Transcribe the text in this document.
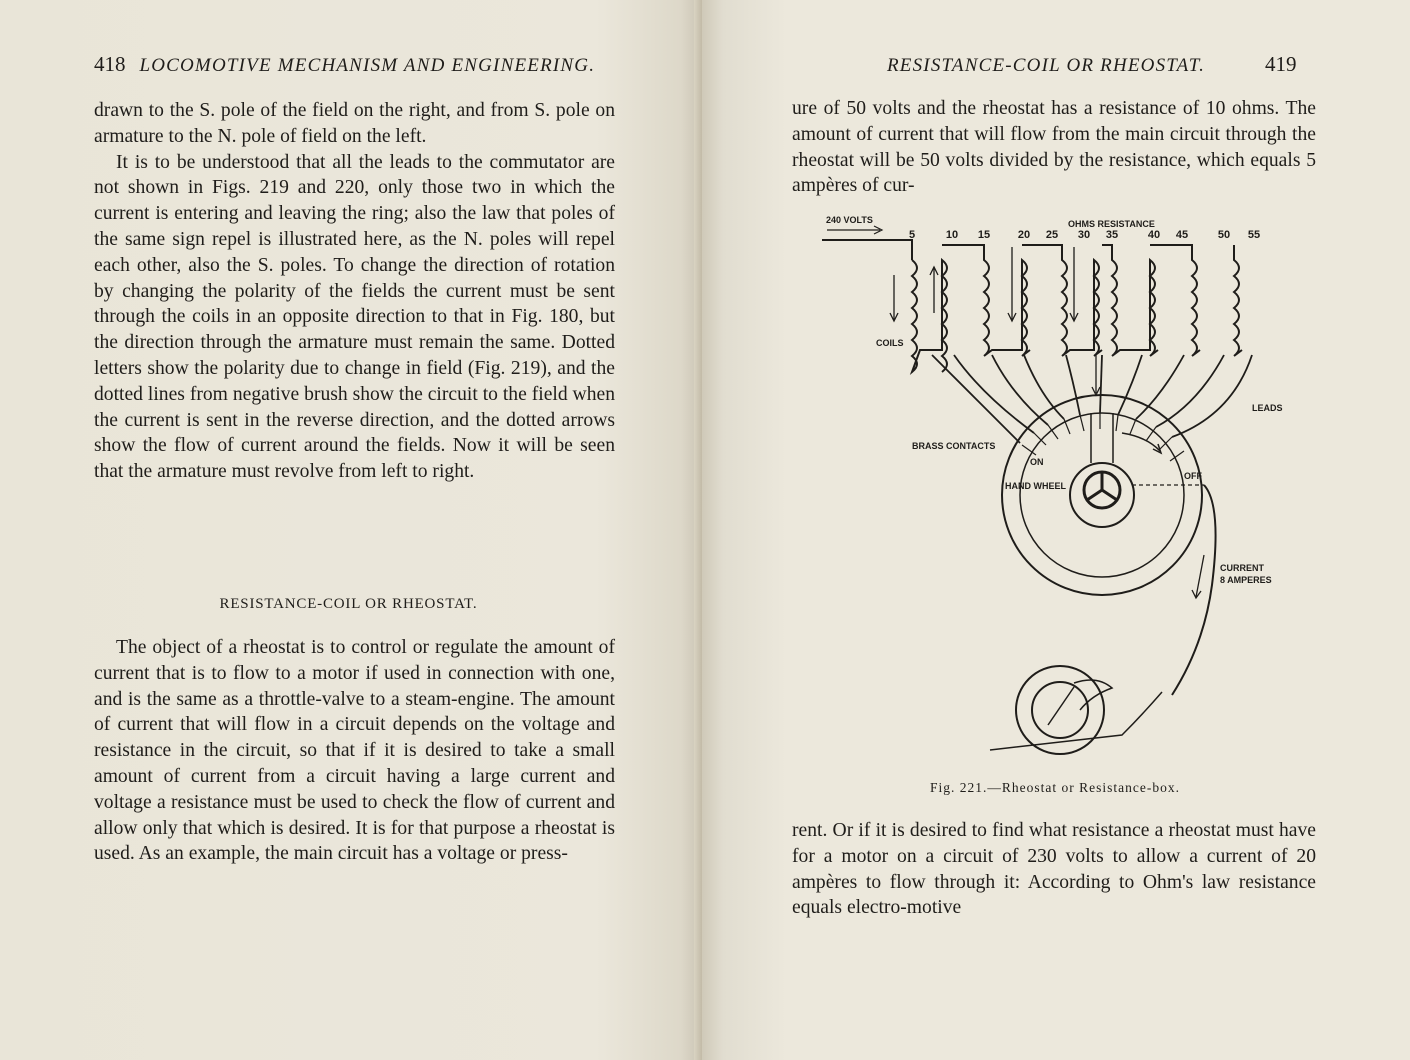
418 LOCOMOTIVE MECHANISM AND ENGINEERING.

drawn to the S. pole of the field on the right, and from S. pole on armature to the N. pole of field on the left.

It is to be understood that all the leads to the commutator are not shown in Figs. 219 and 220, only those two in which the current is entering and leaving the ring; also the law that poles of the same sign repel is illustrated here, as the N. poles will repel each other, also the S. poles. To change the direction of rotation by changing the polarity of the fields the current must be sent through the coils in an opposite direction to that in Fig. 180, but the direction through the armature must remain the same. Dotted letters show the polarity due to change in field (Fig. 219), and the dotted lines from negative brush show the circuit to the field when the current is sent in the reverse direction, and the dotted arrows show the flow of current around the fields. Now it will be seen that the armature must revolve from left to right.

RESISTANCE-COIL OR RHEOSTAT.

The object of a rheostat is to control or regulate the amount of current that is to flow to a motor if used in connection with one, and is the same as a throttle-valve to a steam-engine. The amount of current that will flow in a circuit depends on the voltage and resistance in the circuit, so that if it is desired to take a small amount of current from a circuit having a large current and voltage a resistance must be used to check the flow of current and allow only that which is desired. It is for that purpose a rheostat is used. As an example, the main circuit has a voltage or press-

RESISTANCE-COIL OR RHEOSTAT.	419

ure of 50 volts and the rheostat has a resistance of 10 ohms. The amount of current that will flow from the main circuit through the rheostat will be 50 volts divided by the resistance, which equals 5 ampères of cur-

240 VOLTS	OHMS RESISTANCE
COILS
LEADS
BRASS CONTACTS
ON
HAND WHEEL
OFF
CURRENT
8 AMPERES
5	10 15	20 25 30 35	40 45	50 55
Fig. 221.—Rheostat or Resistance-box.

rent. Or if it is desired to find what resistance a rheostat must have for a motor on a circuit of 230 volts to allow a current of 20 ampères to flow through it: According to Ohm's law resistance equals electro-motive
